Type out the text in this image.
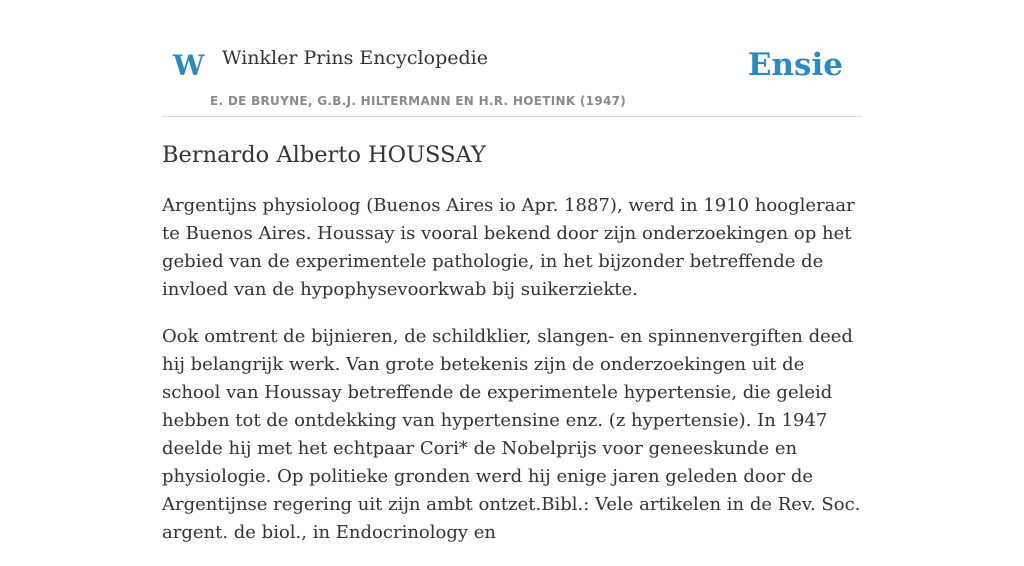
W Winkler Prins Encyclopedie
E. DE BRUYNE, G.B.J. HILTERMANN EN H.R. HOETINK (1947)
Ensie
Bernardo Alberto HOUSSAY

Argentijns physioloog (Buenos Aires io Apr. 1887), werd in 1910 hoogleraar te Buenos Aires. Houssay is vooral bekend door zijn onderzoekingen op het gebied van de experimentele pathologie, in het bijzonder betreffende de invloed van de hypophysevoorkwab bij suikerziekte.

Ook omtrent de bijnieren, de schildklier, slangen- en spinnenvergiften deed hij belangrijk werk. Van grote betekenis zijn de onderzoekingen uit de school van Houssay betreffende de experimentele hypertensie, die geleid hebben tot de ontdekking van hypertensine enz. (z hypertensie). In 1947 deelde hij met het echtpaar Cori* de Nobelprijs voor geneeskunde en physiologie. Op politieke gronden werd hij enige jaren geleden door de Argentijnse regering uit zijn ambt ontzet.Bibl.: Vele artikelen in de Rev. Soc. argent. de biol., in Endocrinology en
